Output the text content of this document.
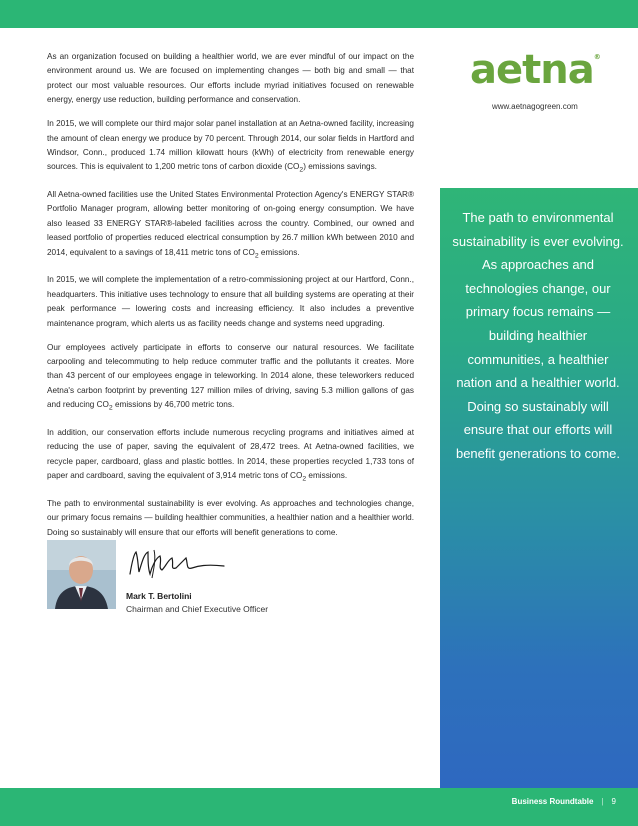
As an organization focused on building a healthier world, we are ever mindful of our impact on the environment around us. We are focused on implementing changes — both big and small — that protect our most valuable resources. Our efforts include myriad initiatives focused on renewable energy, energy use reduction, building performance and conservation.

In 2015, we will complete our third major solar panel installation at an Aetna-owned facility, increasing the amount of clean energy we produce by 70 percent. Through 2014, our solar fields in Hartford and Windsor, Conn., produced 1.74 million kilowatt hours (kWh) of electricity from renewable energy sources. This is equivalent to 1,200 metric tons of carbon dioxide $(CO_2)$ emissions savings.

All Aetna-owned facilities use the United States Environmental Protection Agency's ENERGY STAR® Portfolio Manager program, allowing better monitoring of on-going energy consumption. We have also leased 33 ENERGY STAR®-labeled facilities across the country. Combined, our owned and leased portfolio of properties reduced electrical consumption by 26.7 million kWh between 2010 and 2014, equivalent to a savings of 18,411 metric tons of $CO_2$ emissions.

In 2015, we will complete the implementation of a retro-commissioning project at our Hartford, Conn., headquarters. This initiative uses technology to ensure that all building systems are operating at their peak performance — lowering costs and increasing efficiency. It also includes a preventive maintenance program, which alerts us as facility needs change and systems need upgrading.

Our employees actively participate in efforts to conserve our natural resources. We facilitate carpooling and telecommuting to help reduce commuter traffic and the pollutants it creates. More than 43 percent of our employees engage in teleworking. In 2014 alone, these teleworkers reduced Aetna's carbon footprint by preventing 127 million miles of driving, saving 5.3 million gallons of gas and reducing $CO_2$ emissions by 46,700 metric tons.

In addition, our conservation efforts include numerous recycling programs and initiatives aimed at reducing the use of paper, saving the equivalent of 28,472 trees. At Aetna-owned facilities, we recycle paper, cardboard, glass and plastic bottles. In 2014, these properties recycled 1,733 tons of paper and cardboard, saving the equivalent of 3,914 metric tons of $CO_2$ emissions.

The path to environmental sustainability is ever evolving. As approaches and technologies change, our primary focus remains — building healthier communities, a healthier nation and a healthier world. Doing so sustainably will ensure that our efforts will benefit generations to come.

aetna®
www.aetnagogreen.com
The path to environmental sustainability is ever evolving. As approaches and technologies change, our primary focus remains — building healthier communities, a healthier nation and a healthier world. Doing so sustainably will ensure that our efforts will benefit generations to come.
Mark T. Bertolini
Chairman and Chief Executive Officer
Business Roundtable | 9
